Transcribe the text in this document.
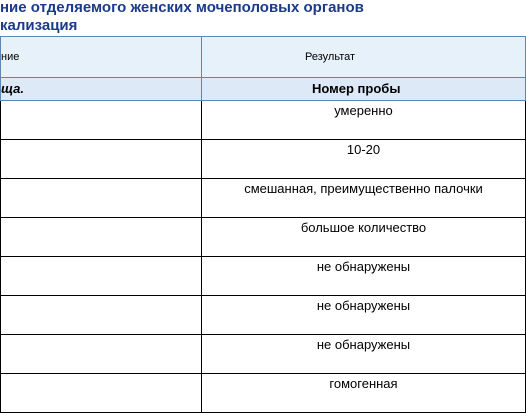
ние отделяемого женских мочеполовых органов
кализация
ние	Результат
ща.	Номер пробы

	умеренно

	10-20

	смешанная, преимущественно палочки

	большое количество

	не обнаружены

	не обнаружены

	не обнаружены

	гомогенная
